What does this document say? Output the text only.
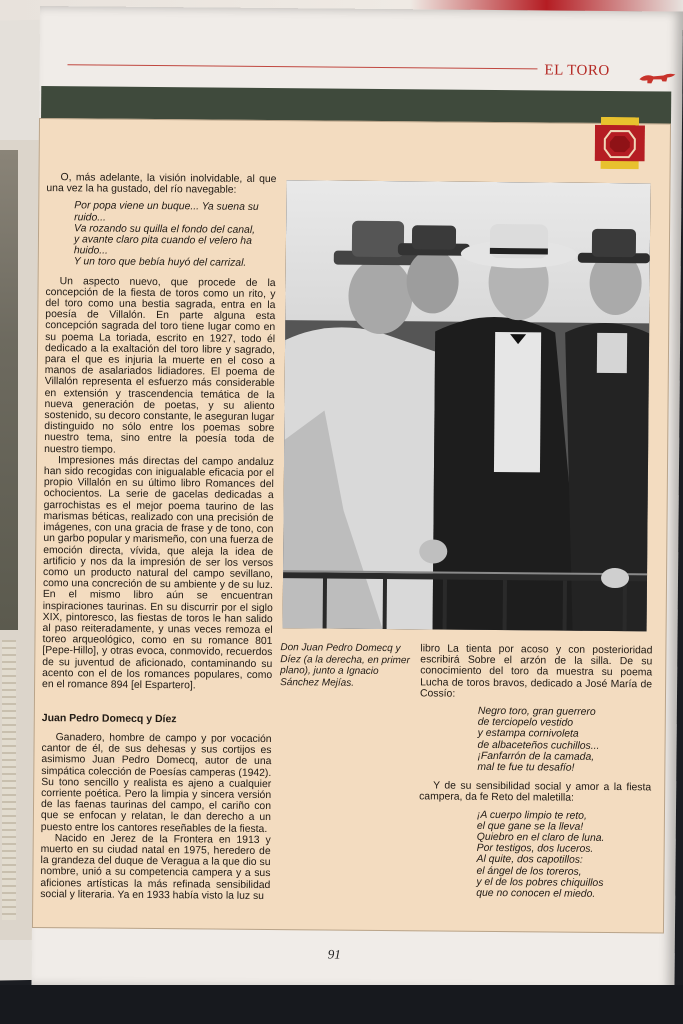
EL TORO

O, más adelante, la visión inolvidable, al que una vez la ha gustado, del río navegable:

Por popa viene un buque... Ya suena su ruido...
Va rozando su quilla el fondo del canal,
y avante claro pita cuando el velero ha huido...
Y un toro que bebía huyó del carrizal.

Un aspecto nuevo, que procede de la concepción de la fiesta de toros como un rito, y del toro como una bestia sagrada, entra en la poesía de Villalón. En parte alguna esta concepción sagrada del toro tiene lugar como en su poema La toriada, escrito en 1927, todo él dedicado a la exaltación del toro libre y sagrado, para el que es injuria la muerte en el coso a manos de asalariados lidiadores. El poema de Villalón representa el esfuerzo más considerable en extensión y trascendencia temática de la nueva generación de poetas, y su aliento sostenido, su decoro constante, le aseguran lugar distinguido no sólo entre los poemas sobre nuestro tema, sino entre la poesía toda de nuestro tiempo.

Impresiones más directas del campo andaluz han sido recogidas con inigualable eficacia por el propio Villalón en su último libro Romances del ochocientos. La serie de gacelas dedicadas a garrochistas es el mejor poema taurino de las marismas béticas, realizado con una precisión de imágenes, con una gracia de frase y de tono, con un garbo popular y marismeño, con una fuerza de emoción directa, vívida, que aleja la idea de artificio y nos da la impresión de ser los versos como un producto natural del campo sevillano, como una concreción de su ambiente y de su luz. En el mismo libro aún se encuentran inspiraciones taurinas. En su discurrir por el siglo XIX, pintoresco, las fiestas de toros le han salido al paso reiteradamente, y unas veces remoza el toreo arqueológico, como en su romance 801 [Pepe-Hillo], y otras evoca, conmovido, recuerdos de su juventud de aficionado, contaminando su acento con el de los romances populares, como en el romance 894 [el Espartero].

Don Juan Pedro Domecq y Díez (a la derecha, en primer plano), junto a Ignacio Sánchez Mejías.

libro La tienta por acoso y con posterioridad escribirá Sobre el arzón de la silla. De su conocimiento del toro da muestra su poema Lucha de toros bravos, dedicado a José María de Cossío:

Negro toro, gran guerrero
de terciopelo vestido
y estampa cornivoleta
de albaceteños cuchillos...
¡Fanfarrón de la camada,
mal te fue tu desafío!

Y de su sensibilidad social y amor a la fiesta campera, da fe Reto del maletilla:

¡A cuerpo limpio te reto,
el que gane se la lleva!
Quiebro en el claro de luna.
Por testigos, dos luceros.
Al quite, dos capotillos:
el ángel de los toreros,
y el de los pobres chiquillos
que no conocen el miedo.
Juan Pedro Domecq y Díez

Ganadero, hombre de campo y por vocación cantor de él, de sus dehesas y sus cortijos es asimismo Juan Pedro Domecq, autor de una simpática colección de Poesías camperas (1942). Su tono sencillo y realista es ajeno a cualquier corriente poética. Pero la limpia y sincera versión de las faenas taurinas del campo, el cariño con que se enfocan y relatan, le dan derecho a un puesto entre los cantores reseñables de la fiesta.

Nacido en Jerez de la Frontera en 1913 y muerto en su ciudad natal en 1975, heredero de la grandeza del duque de Veragua a la que dio su nombre, unió a su competencia campera y a sus aficiones artísticas la más refinada sensibilidad social y literaria. Ya en 1933 había visto la luz su

91
